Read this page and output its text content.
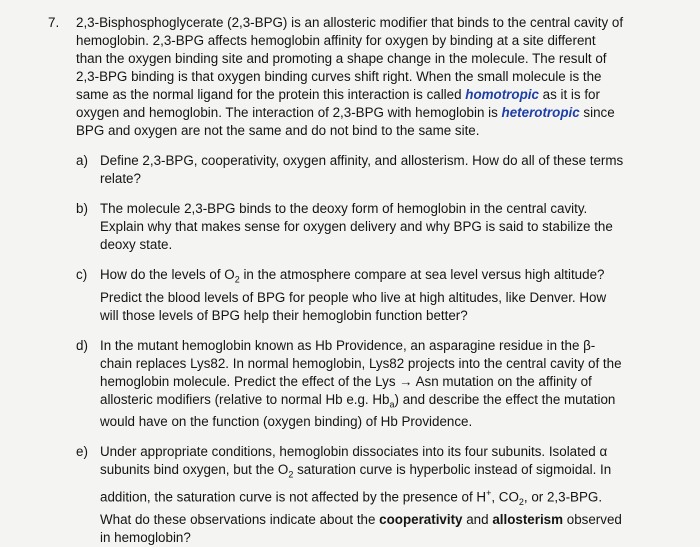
7. 2,3-Bisphosphoglycerate (2,3-BPG) is an allosteric modifier that binds to the central cavity of
hemoglobin. 2,3-BPG affects hemoglobin affinity for oxygen by binding at a site different
than the oxygen binding site and promoting a shape change in the molecule. The result of
2,3-BPG binding is that oxygen binding curves shift right. When the small molecule is the
same as the normal ligand for the protein this interaction is called homotropic as it is for
oxygen and hemoglobin. The interaction of 2,3-BPG with hemoglobin is heterotropic since
BPG and oxygen are not the same and do not bind to the same site.
a) Define 2,3-BPG, cooperativity, oxygen affinity, and allosterism. How do all of these terms
relate?
b) The molecule 2,3-BPG binds to the deoxy form of hemoglobin in the central cavity.
Explain why that makes sense for oxygen delivery and why BPG is said to stabilize the
deoxy state.
c) How do the levels of $O_2$ in the atmosphere compare at sea level versus high altitude?
Predict the blood levels of BPG for people who live at high altitudes, like Denver. How
will those levels of BPG help their hemoglobin function better?
d) In the mutant hemoglobin known as Hb Providence, an asparagine residue in the β-
chain replaces Lys82. In normal hemoglobin, Lys82 projects into the central cavity of the
hemoglobin molecule. Predict the effect of the Lys → Asn mutation on the affinity of
allosteric modifiers (relative to normal Hb e.g. $Hb_a$) and describe the effect the mutation
would have on the function (oxygen binding) of Hb Providence.
e) Under appropriate conditions, hemoglobin dissociates into its four subunits. Isolated α
subunits bind oxygen, but the $O_2$ saturation curve is hyperbolic instead of sigmoidal. In
addition, the saturation curve is not affected by the presence of H+, $CO_2$, or 2,3-BPG.
What do these observations indicate about the cooperativity and allosterism observed
in hemoglobin?
